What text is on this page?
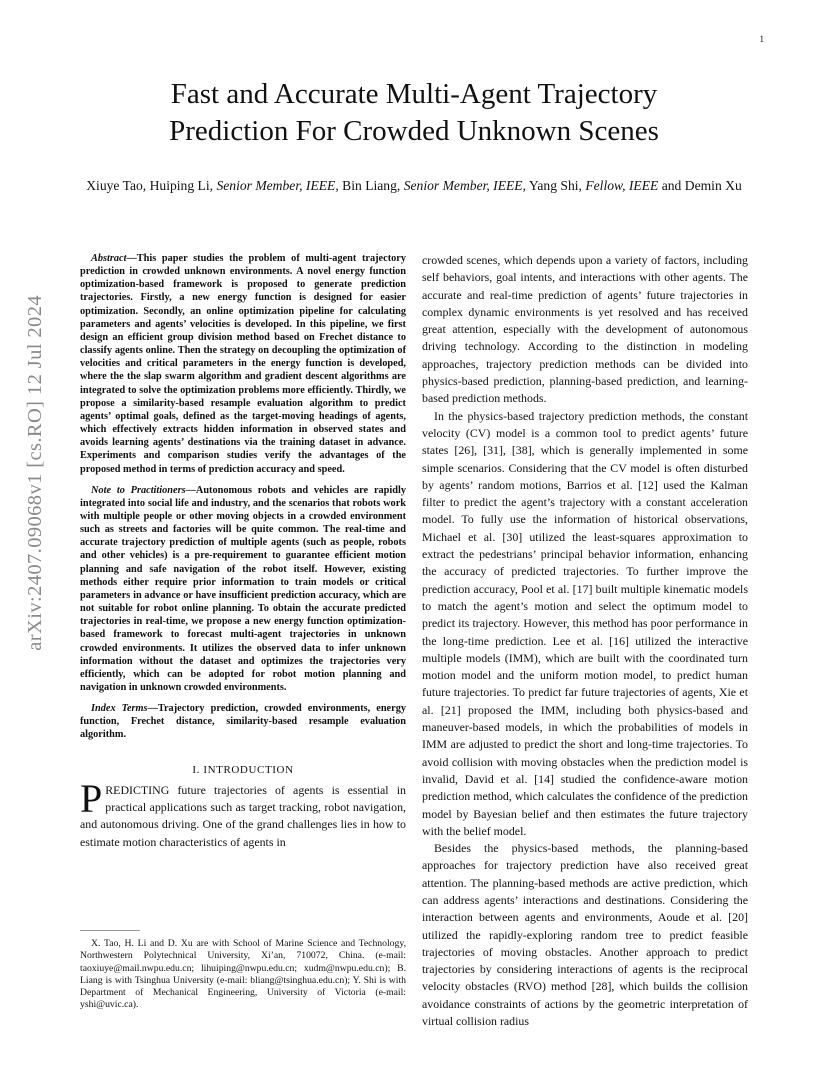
1
arXiv:2407.09068v1 [cs.RO] 12 Jul 2024
Fast and Accurate Multi-Agent Trajectory
Prediction For Crowded Unknown Scenes
Xiuye Tao, Huiping Li, Senior Member, IEEE, Bin Liang, Senior Member, IEEE, Yang Shi, Fellow, IEEE and Demin Xu

Abstract—This paper studies the problem of multi-agent trajectory prediction in crowded unknown environments. A novel energy function optimization-based framework is proposed to generate prediction trajectories. Firstly, a new energy function is designed for easier optimization. Secondly, an online optimization pipeline for calculating parameters and agents’ velocities is developed. In this pipeline, we first design an efficient group division method based on Frechet distance to classify agents online. Then the strategy on decoupling the optimization of velocities and critical parameters in the energy function is developed, where the the slap swarm algorithm and gradient descent algorithms are integrated to solve the optimization problems more efficiently. Thirdly, we propose a similarity-based resample evaluation algorithm to predict agents’ optimal goals, defined as the target-moving headings of agents, which effectively extracts hidden information in observed states and avoids learning agents’ destinations via the training dataset in advance. Experiments and comparison studies verify the advantages of the proposed method in terms of prediction accuracy and speed.

Note to Practitioners—Autonomous robots and vehicles are rapidly integrated into social life and industry, and the scenarios that robots work with multiple people or other moving objects in a crowded environment such as streets and factories will be quite common. The real-time and accurate trajectory prediction of multiple agents (such as people, robots and other vehicles) is a pre-requirement to guarantee efficient motion planning and safe navigation of the robot itself. However, existing methods either require prior information to train models or critical parameters in advance or have insufficient prediction accuracy, which are not suitable for robot online planning. To obtain the accurate predicted trajectories in real-time, we propose a new energy function optimization-based framework to forecast multi-agent trajectories in unknown crowded environments. It utilizes the observed data to infer unknown information without the dataset and optimizes the trajectories very efficiently, which can be adopted for robot motion planning and navigation in unknown crowded environments.

Index Terms—Trajectory prediction, crowded environments, energy function, Frechet distance, similarity-based resample evaluation algorithm.

I. INTRODUCTION

PREDICTING future trajectories of agents is essential in practical applications such as target tracking, robot navigation, and autonomous driving. One of the grand challenges lies in how to estimate motion characteristics of agents in

X. Tao, H. Li and D. Xu are with School of Marine Science and Technology, Northwestern Polytechnical University, Xi’an, 710072, China. (e-mail: taoxiuye@mail.nwpu.edu.cn; lihuiping@nwpu.edu.cn; xudm@nwpu.edu.cn); B. Liang is with Tsinghua University (e-mail: bliang@tsinghua.edu.cn); Y. Shi is with Department of Mechanical Engineering, University of Victoria (e-mail: yshi@uvic.ca).

crowded scenes, which depends upon a variety of factors, including self behaviors, goal intents, and interactions with other agents. The accurate and real-time prediction of agents’ future trajectories in complex dynamic environments is yet resolved and has received great attention, especially with the development of autonomous driving technology. According to the distinction in modeling approaches, trajectory prediction methods can be divided into physics-based prediction, planning-based prediction, and learning-based prediction methods.

In the physics-based trajectory prediction methods, the constant velocity (CV) model is a common tool to predict agents’ future states [26], [31], [38], which is generally implemented in some simple scenarios. Considering that the CV model is often disturbed by agents’ random motions, Barrios et al. [12] used the Kalman filter to predict the agent’s trajectory with a constant acceleration model. To fully use the information of historical observations, Michael et al. [30] utilized the least-squares approximation to extract the pedestrians’ principal behavior information, enhancing the accuracy of predicted trajectories. To further improve the prediction accuracy, Pool et al. [17] built multiple kinematic models to match the agent’s motion and select the optimum model to predict its trajectory. However, this method has poor performance in the long-time prediction. Lee et al. [16] utilized the interactive multiple models (IMM), which are built with the coordinated turn motion model and the uniform motion model, to predict human future trajectories. To predict far future trajectories of agents, Xie et al. [21] proposed the IMM, including both physics-based and maneuver-based models, in which the probabilities of models in IMM are adjusted to predict the short and long-time trajectories. To avoid collision with moving obstacles when the prediction model is invalid, David et al. [14] studied the confidence-aware motion prediction method, which calculates the confidence of the prediction model by Bayesian belief and then estimates the future trajectory with the belief model.

Besides the physics-based methods, the planning-based approaches for trajectory prediction have also received great attention. The planning-based methods are active prediction, which can address agents’ interactions and destinations. Considering the interaction between agents and environments, Aoude et al. [20] utilized the rapidly-exploring random tree to predict feasible trajectories of moving obstacles. Another approach to predict trajectories by considering interactions of agents is the reciprocal velocity obstacles (RVO) method [28], which builds the collision avoidance constraints of actions by the geometric interpretation of virtual collision radius
